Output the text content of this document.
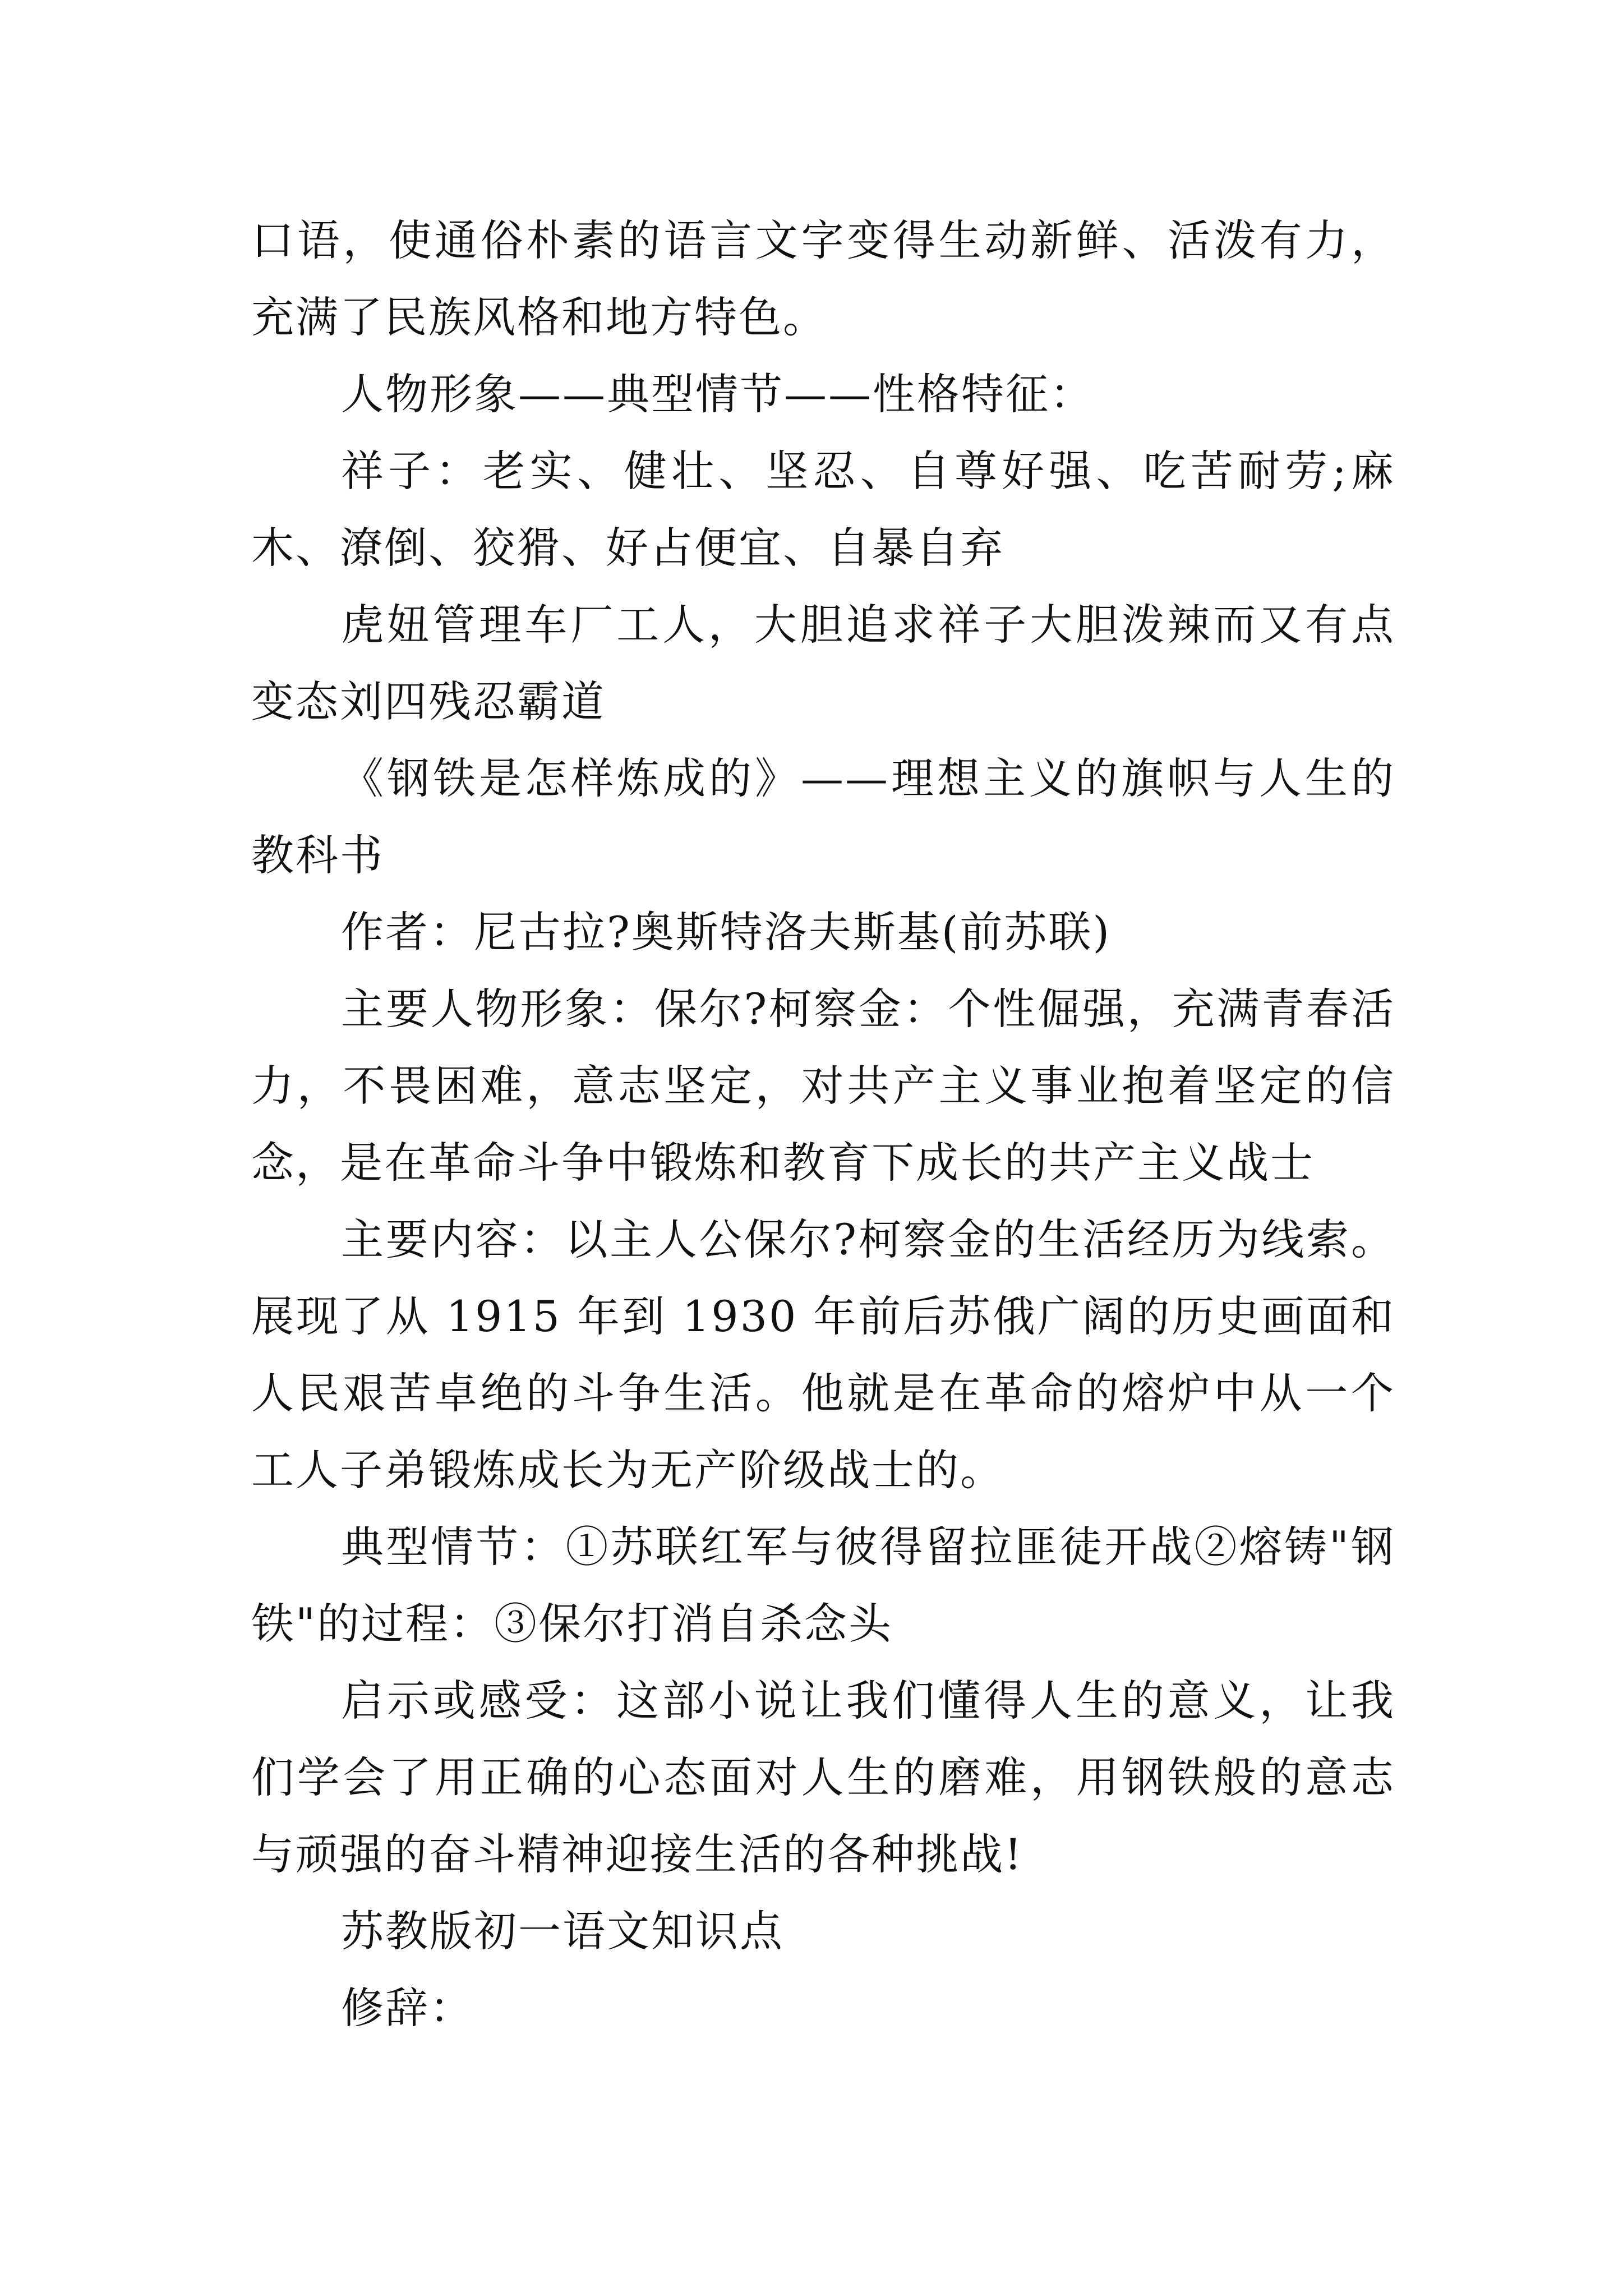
口语，使通俗朴素的语言文字变得生动新鲜、活泼有力，充满了民族风格和地方特色。

人物形象——典型情节——性格特征：

祥子：老实、健壮、坚忍、自尊好强、吃苦耐劳;麻木、潦倒、狡猾、好占便宜、自暴自弃

虎妞管理车厂工人，大胆追求祥子大胆泼辣而又有点变态刘四残忍霸道

《钢铁是怎样炼成的》——理想主义的旗帜与人生的教科书

作者：尼古拉?奥斯特洛夫斯基(前苏联)

主要人物形象：保尔?柯察金：个性倔强，充满青春活力，不畏困难，意志坚定，对共产主义事业抱着坚定的信念，是在革命斗争中锻炼和教育下成长的共产主义战士

主要内容：以主人公保尔?柯察金的生活经历为线索。展现了从 1915 年到 1930 年前后苏俄广阔的历史画面和人民艰苦卓绝的斗争生活。他就是在革命的熔炉中从一个工人子弟锻炼成长为无产阶级战士的。

典型情节：①苏联红军与彼得留拉匪徒开战②熔铸"钢铁"的过程：③保尔打消自杀念头

启示或感受：这部小说让我们懂得人生的意义，让我们学会了用正确的心态面对人生的磨难，用钢铁般的意志与顽强的奋斗精神迎接生活的各种挑战!

苏教版初一语文知识点

修辞：
